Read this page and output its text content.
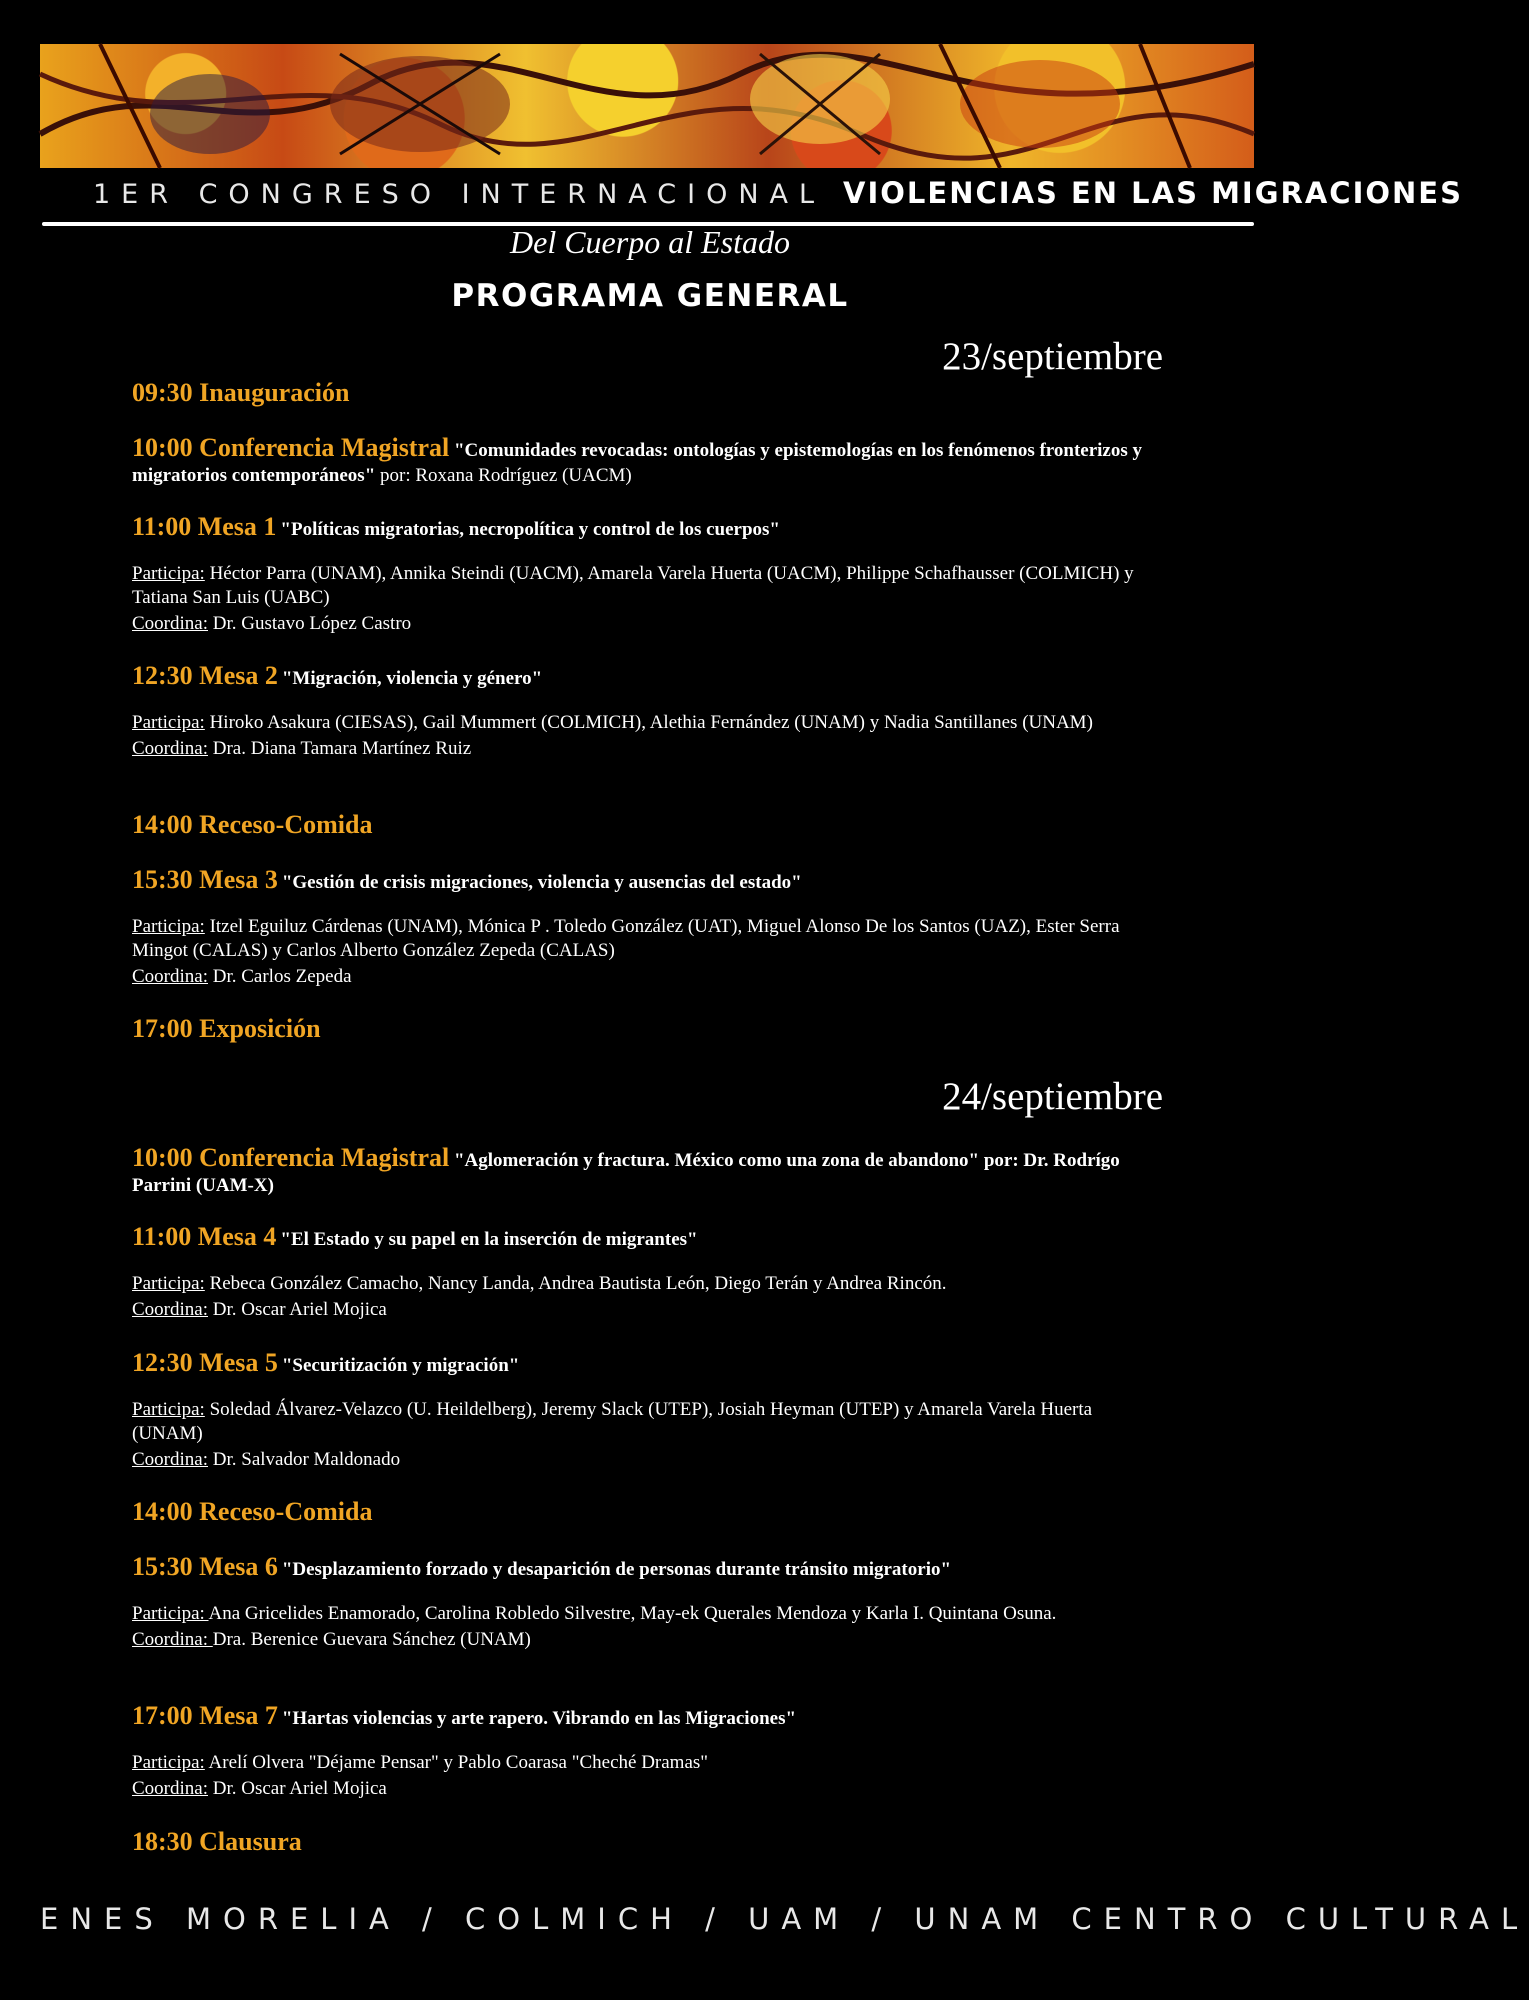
1ER CONGRESO INTERNACIONAL VIOLENCIAS EN LAS MIGRACIONES
Del Cuerpo al Estado
PROGRAMA GENERAL
23/septiembre
09:30 Inauguración
10:00 Conferencia Magistral "Comunidades revocadas: ontologías y epistemologías en los fenómenos fronterizos y migratorios contemporáneos" por: Roxana Rodríguez (UACM)
11:00 Mesa 1 "Políticas migratorias, necropolítica y control de los cuerpos"
Participa: Héctor Parra (UNAM), Annika Steindi (UACM), Amarela Varela Huerta (UACM), Philippe Schafhausser (COLMICH) y Tatiana San Luis (UABC)
Coordina: Dr. Gustavo López Castro
12:30 Mesa 2 "Migración, violencia y género"
Participa: Hiroko Asakura (CIESAS), Gail Mummert (COLMICH), Alethia Fernández (UNAM) y Nadia Santillanes (UNAM)
Coordina: Dra. Diana Tamara Martínez Ruiz
14:00 Receso-Comida
15:30 Mesa 3 "Gestión de crisis migraciones, violencia y ausencias del estado"
Participa: Itzel Eguiluz Cárdenas (UNAM), Mónica P . Toledo González (UAT), Miguel Alonso De los Santos (UAZ), Ester Serra Mingot (CALAS) y Carlos Alberto González Zepeda (CALAS)
Coordina: Dr. Carlos Zepeda
17:00 Exposición
24/septiembre
10:00 Conferencia Magistral "Aglomeración y fractura. México como una zona de abandono" por: Dr. Rodrígo Parrini (UAM-X)
11:00 Mesa 4 "El Estado y su papel en la inserción de migrantes"
Participa: Rebeca González Camacho, Nancy Landa, Andrea Bautista León, Diego Terán y Andrea Rincón.
Coordina: Dr. Oscar Ariel Mojica
12:30 Mesa 5 "Securitización y migración"
Participa: Soledad Álvarez-Velazco (U. Heildelberg), Jeremy Slack (UTEP), Josiah Heyman (UTEP) y Amarela Varela Huerta (UNAM)
Coordina: Dr. Salvador Maldonado
14:00 Receso-Comida
15:30 Mesa 6 "Desplazamiento forzado y desaparición de personas durante tránsito migratorio"
Participa: Ana Gricelides Enamorado, Carolina Robledo Silvestre, May-ek Querales Mendoza y Karla I. Quintana Osuna.
Coordina: Dra. Berenice Guevara Sánchez (UNAM)
17:00 Mesa 7 "Hartas violencias y arte rapero. Vibrando en las Migraciones"
Participa: Arelí Olvera "Déjame Pensar" y Pablo Coarasa "Cheché Dramas"
Coordina: Dr. Oscar Ariel Mojica
18:30 Clausura
ENES MORELIA / COLMICH / UAM / UNAM CENTRO CULTURAL
